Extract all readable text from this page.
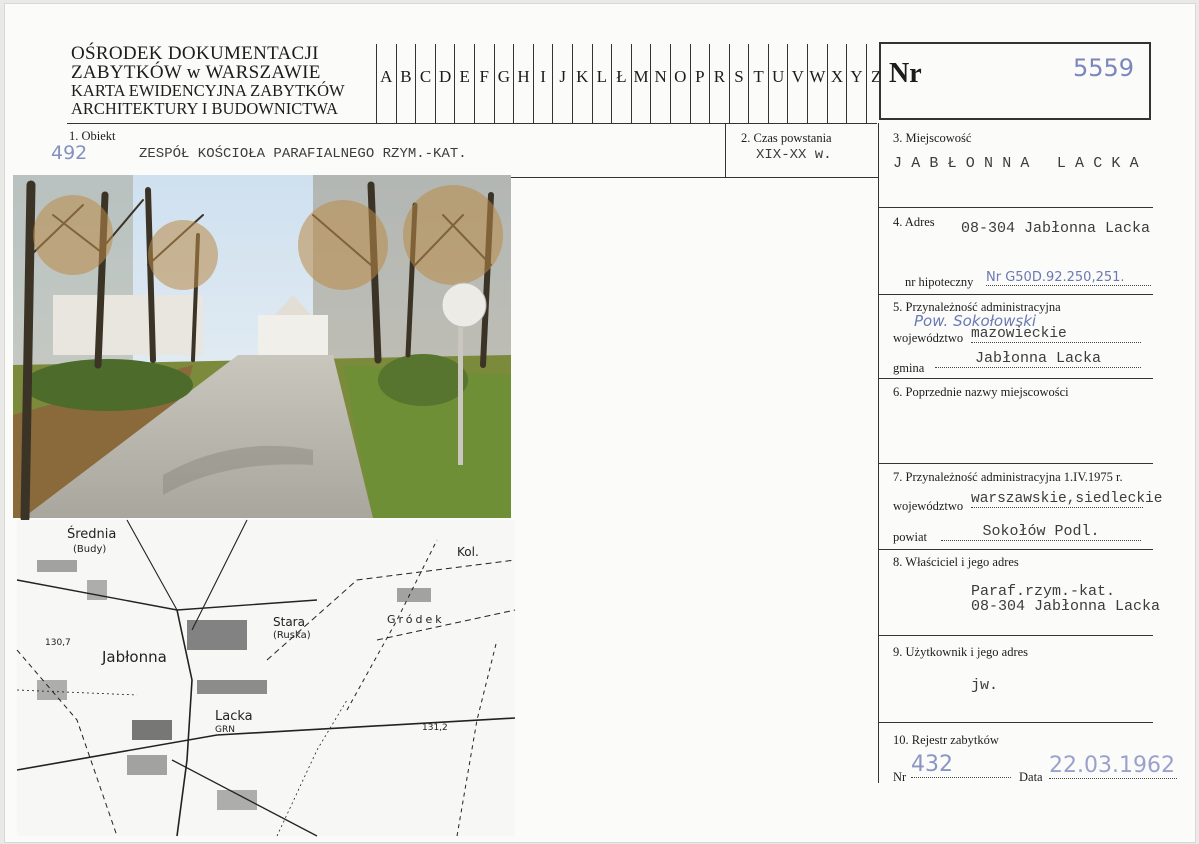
OŚRODEK DOKUMENTACJI
ZABYTKÓW w WARSZAWIE
KARTA EWIDENCYJNA ZABYTKÓW
ARCHITEKTURY I BUDOWNICTWA
A B C D E F G H I J K L Ł M N O P R S T U V W X Y Z Nr	5559
1. Obiekt
492	ZESPÓŁ KOŚCIOŁA PARAFIALNEGO RZYM.-KAT.
2. Czas powstania
XIX-XX w.
3. Miejscowość
JABŁONNA LACKA
4. Adres 08-304 Jabłonna Lacka
nr hipoteczny Nr G50D.92.250,251.
5. Przynależność administracyjna
Pow. Sokołowski
województwo mazowieckie
gmina
Jabłonna Lacka
6. Poprzednie nazwy miejscowości
7. Przynależność administracyjna 1.IV.1975 r.
województwo warszawskie,siedleckie
powiat	Sokołów Podl.
8. Właściciel i jego adres
Paraf.rzym.-kat.
08-304 Jabłonna Lacka
9. Użytkownik i jego adres
jw.
10. Rejestr zabytków
Nr 432	Data 22.03.1962
Średnia
(Budy)	Kol.
Stara
(Ruska)
Gródek
Jabłonna
130,7
Lacka
GRN	131,2
